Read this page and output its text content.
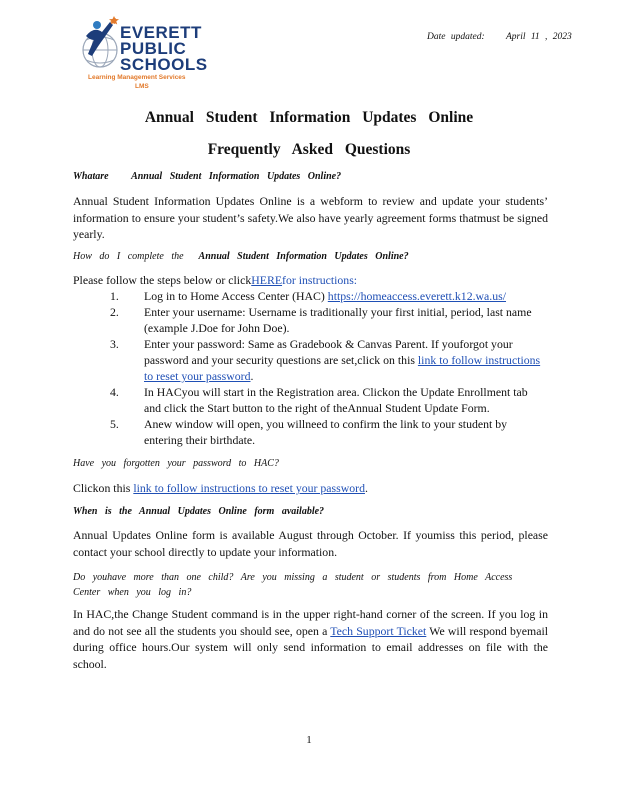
EVERETT
PUBLIC
SCHOOLS
Learning Management Services
LMS
Date updated: April 11 , 2023
Annual Student Information Updates Online
Frequently Asked Questions
Whatare Annual Student Information Updates Online?
Annual Student Information Updates Online is a webform to review and update your students’ information to ensure your student’s safety.We also have yearly agreement forms thatmust be signed yearly.
How do I complete the Annual Student Information Updates Online?
Please follow the steps below or clickHEREfor instructions:
1. Log in to Home Access Center (HAC) https://homeaccess.everett.k12.wa.us/
2. Enter your username: Username is traditionally your first initial, period, last name (example J.Doe for John Doe).
3. Enter your password: Same as Gradebook & Canvas Parent. If youforgot your password and your security questions are set,click on this link to follow instructions to reset your password.
4. In HACyou will start in the Registration area. Clickon the Update Enrollment tab and click the Start button to the right of theAnnual Student Update Form.
5. Anew window will open, you willneed to confirm the link to your student by entering their birthdate.
Have you forgotten your password to HAC?
Clickon this link to follow instructions to reset your password.
When is the Annual Updates Online form available?
Annual Updates Online form is available August through October. If youmiss this period, please contact your school directly to update your information.
Do youhave more than one child? Are you missing a student or students from Home Access
Center when you log in?
In HAC,the Change Student command is in the upper right-hand corner of the screen. If you log in and do not see all the students you should see, open a Tech Support Ticket We will respond byemail during office hours.Our system will only send information to email addresses on file with the school.
1
